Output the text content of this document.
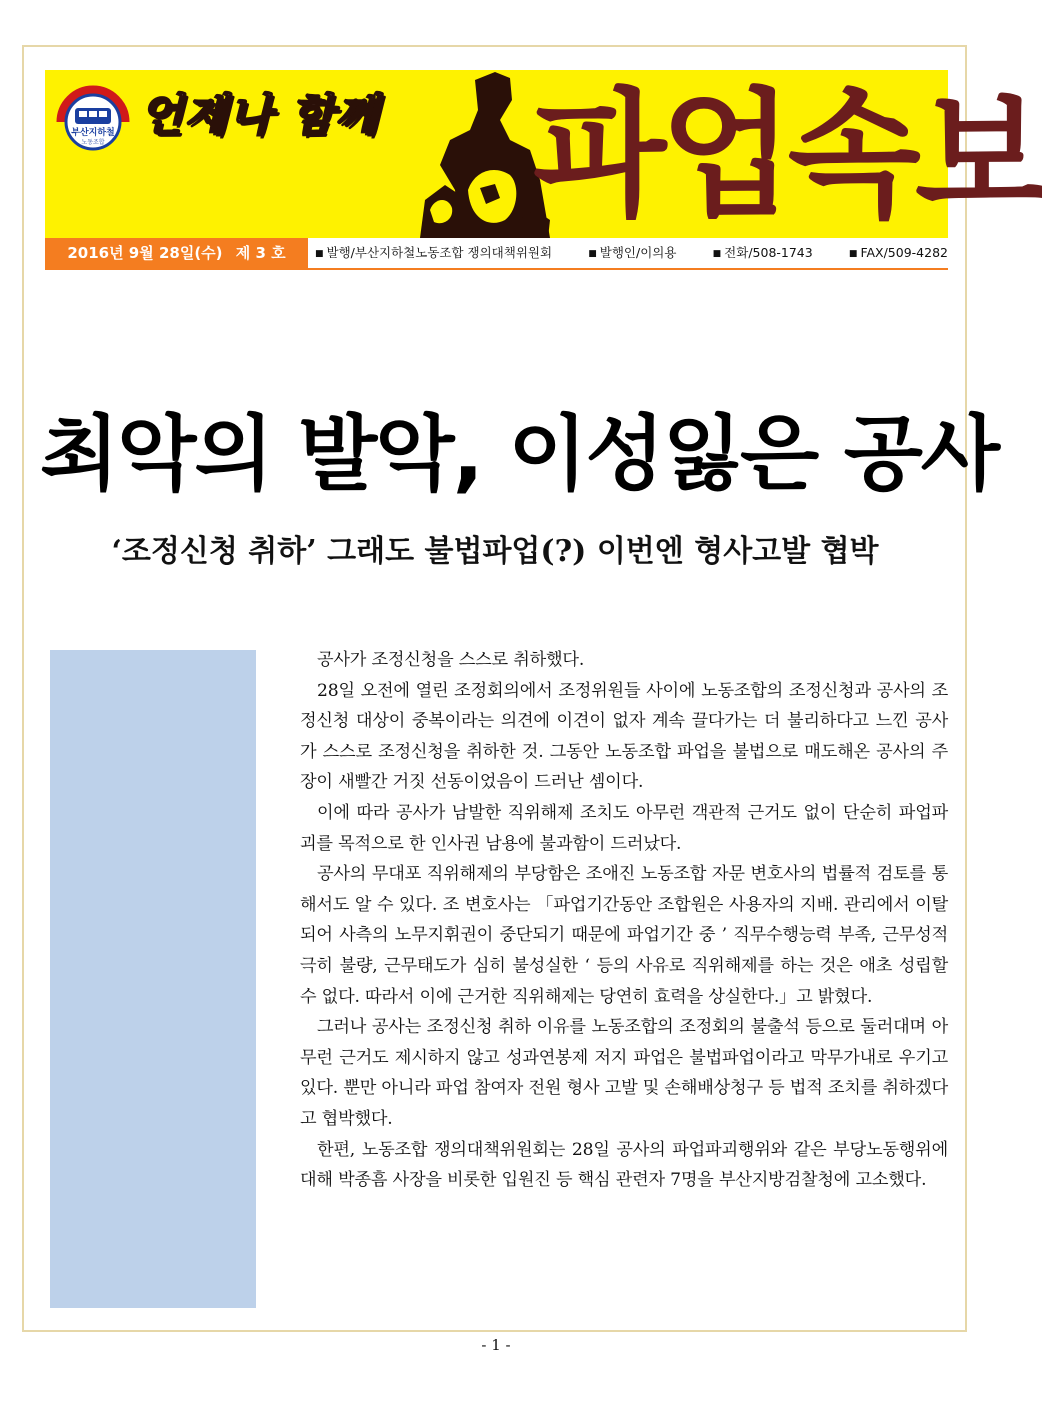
부산지하철
노동조합
언제나 함께	파업속보
2016년 9월 28일(수) 제 3 호	■ 발행/부산지하철노동조합 쟁의대책위원회	■ 발행인/이의용	■ 전화/508-1743	■ FAX/509-4282
최악의 발악, 이성잃은 공사
‘조정신청 취하’ 그래도 불법파업(?) 이번엔 형사고발 협박

공사가 조정신청을 스스로 취하했다.

28일 오전에 열린 조정회의에서 조정위원들 사이에 노동조합의 조정신청과 공사의 조정신청 대상이 중복이라는 의견에 이견이 없자 계속 끌다가는 더 불리하다고 느낀 공사가 스스로 조정신청을 취하한 것. 그동안 노동조합 파업을 불법으로 매도해온 공사의 주장이 새빨간 거짓 선동이었음이 드러난 셈이다.

이에 따라 공사가 남발한 직위해제 조치도 아무런 객관적 근거도 없이 단순히 파업파괴를 목적으로 한 인사권 남용에 불과함이 드러났다.

공사의 무대포 직위해제의 부당함은 조애진 노동조합 자문 변호사의 법률적 검토를 통해서도 알 수 있다. 조 변호사는 「파업기간동안 조합원은 사용자의 지배. 관리에서 이탈되어 사측의 노무지휘권이 중단되기 때문에 파업기간 중 ’ 직무수행능력 부족, 근무성적 극히 불량, 근무태도가 심히 불성실한 ‘ 등의 사유로 직위해제를 하는 것은 애초 성립할 수 없다. 따라서 이에 근거한 직위해제는 당연히 효력을 상실한다.」고 밝혔다.

그러나 공사는 조정신청 취하 이유를 노동조합의 조정회의 불출석 등으로 둘러대며 아무런 근거도 제시하지 않고 성과연봉제 저지 파업은 불법파업이라고 막무가내로 우기고 있다. 뿐만 아니라 파업 참여자 전원 형사 고발 및 손해배상청구 등 법적 조치를 취하겠다고 협박했다.

한편, 노동조합 쟁의대책위원회는 28일 공사의 파업파괴행위와 같은 부당노동행위에 대해 박종흠 사장을 비롯한 입원진 등 핵심 관련자 7명을 부산지방검찰청에 고소했다.

- 1 -
